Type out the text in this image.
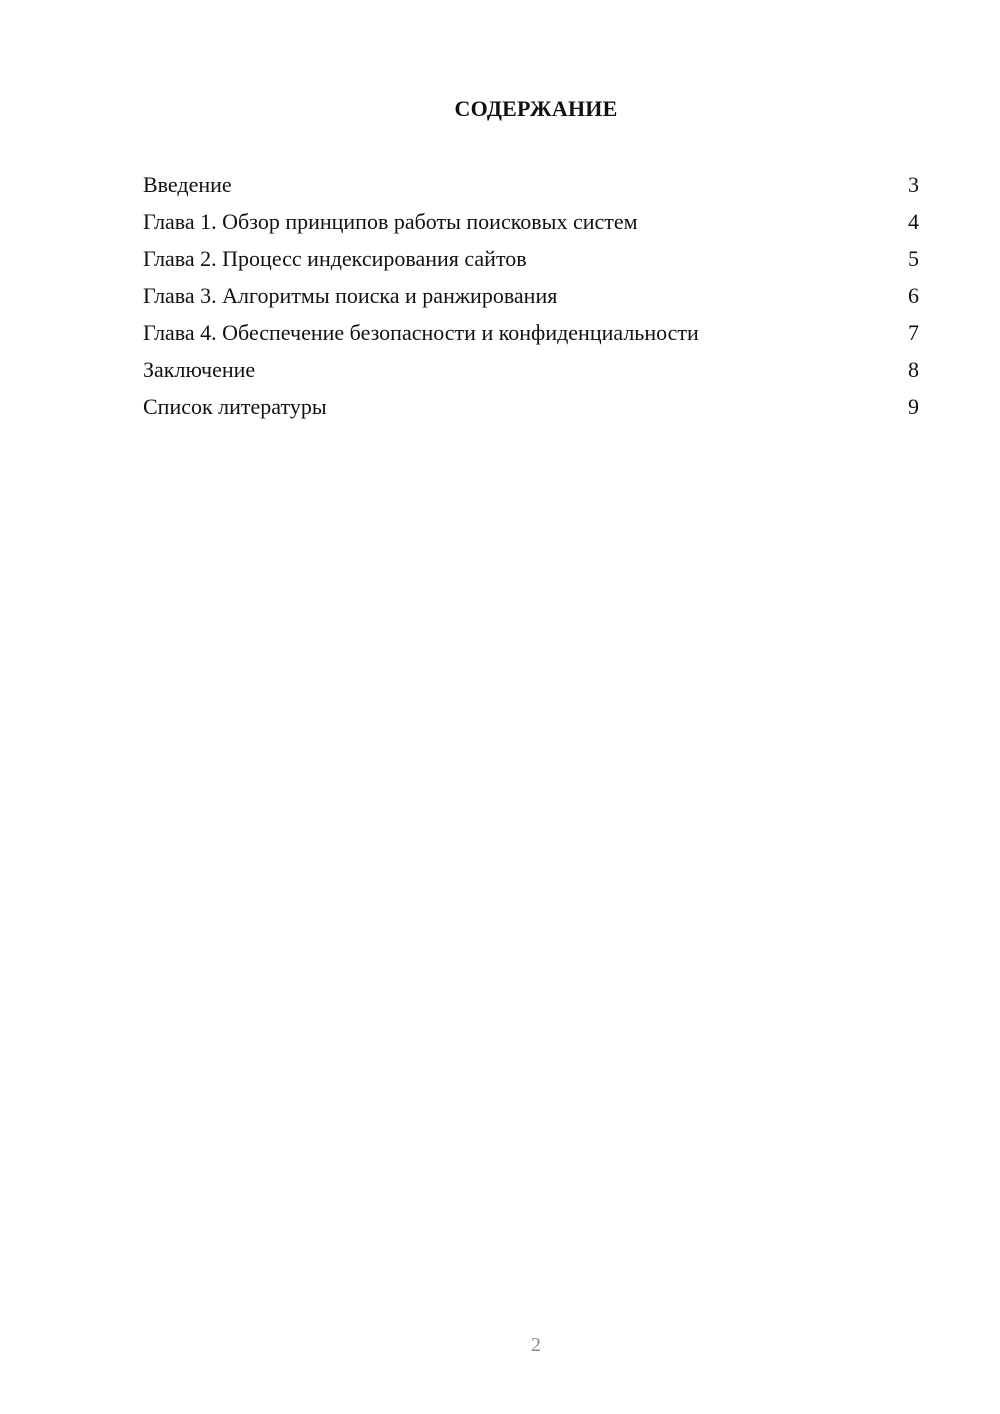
СОДЕРЖАНИЕ
Введение	3
Глава 1. Обзор принципов работы поисковых систем	4
Глава 2. Процесс индексирования сайтов	5
Глава 3. Алгоритмы поиска и ранжирования	6
Глава 4. Обеспечение безопасности и конфиденциальности	7
Заключение	8
Список литературы	9
2
